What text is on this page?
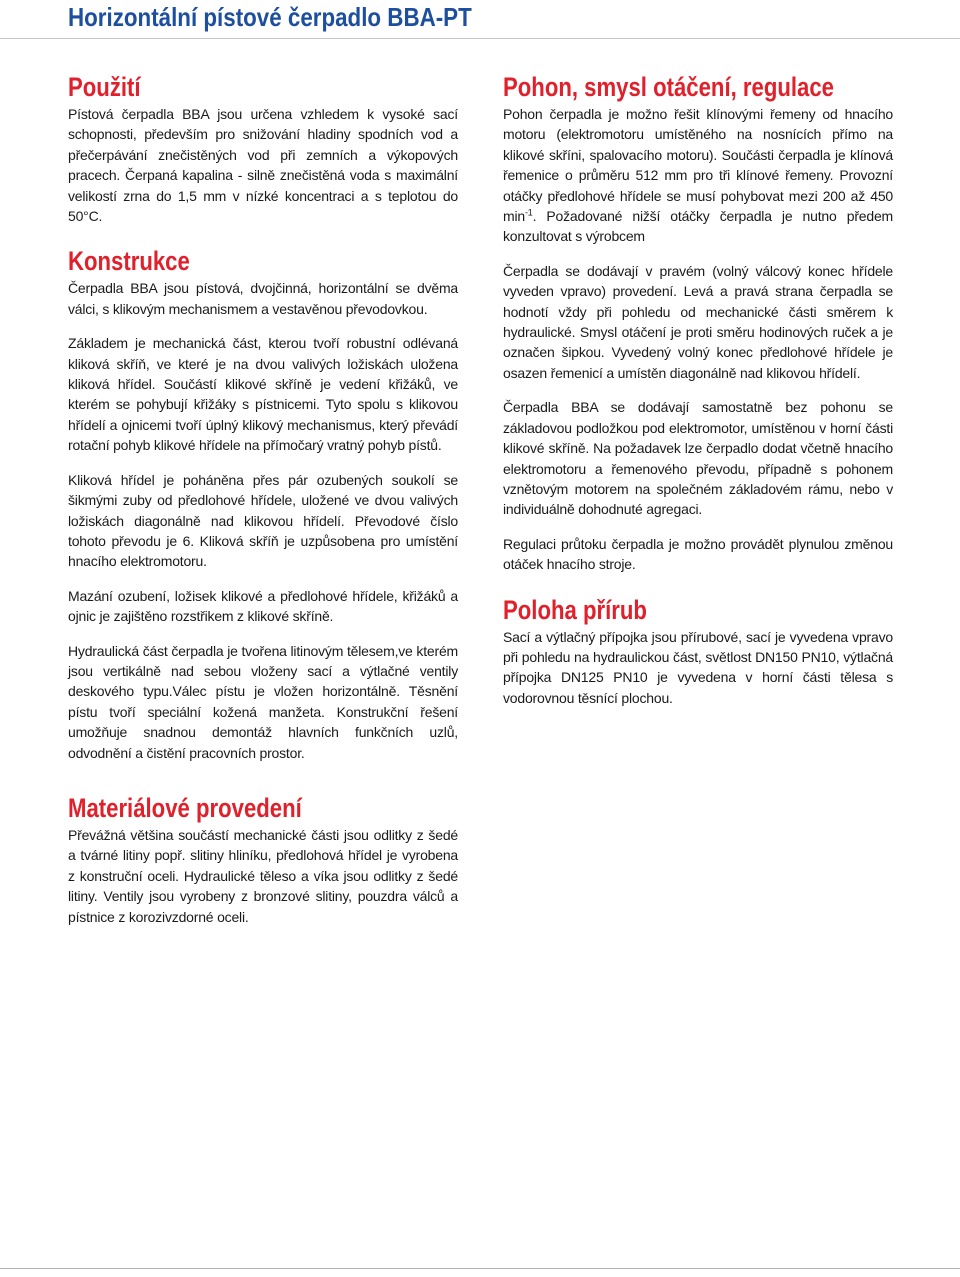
Horizontální pístové čerpadlo BBA-PT
Použití

Pístová čerpadla BBA jsou určena vzhledem k vysoké sací schopnosti, především pro snižování hladiny spodních vod a přečerpávání znečistěných vod při zemních a výkopových pracech. Čerpaná kapalina - silně znečistěná voda s maximální velikostí zrna do 1,5 mm v nízké koncentraci a s teplotou do 50°C.

Konstrukce

Čerpadla BBA jsou pístová, dvojčinná, horizontální se dvěma válci, s klikovým mechanismem a vestavěnou převodovkou.

Základem je mechanická část, kterou tvoří robustní odlévaná kliková skříň, ve které je na dvou valivých ložiskách uložena kliková hřídel. Součástí klikové skříně je vedení křižáků, ve kterém se pohybují křižáky s pístnicemi. Tyto spolu s klikovou hřídelí a ojnicemi tvoří úplný klikový mechanismus, který převádí rotační pohyb klikové hřídele na přímočarý vratný pohyb pístů.

Kliková hřídel je poháněna přes pár ozubených soukolí se šikmými zuby od předlohové hřídele, uložené ve dvou valivých ložiskách diagonálně nad klikovou hřídelí. Převodové číslo tohoto převodu je 6. Kliková skříň je uzpůsobena pro umístění hnacího elektromotoru.

Mazání ozubení, ložisek klikové a předlohové hřídele, křižáků a ojnic je zajištěno rozstřikem z klikové skříně.

Hydraulická část čerpadla je tvořena litinovým tělesem,ve kterém jsou vertikálně nad sebou vloženy sací a výtlačné ventily deskového typu.Válec pístu je vložen horizontálně. Těsnění pístu tvoří speciální kožená manžeta. Konstrukční řešení umožňuje snadnou demontáž hlavních funkčních uzlů, odvodnění a čistění pracovních prostor.

Materiálové provedení

Převážná většina součástí mechanické části jsou odlitky z šedé a tvárné litiny popř. slitiny hliníku, předlohová hřídel je vyrobena z konstruční oceli. Hydraulické těleso a víka jsou odlitky z šedé litiny. Ventily jsou vyrobeny z bronzové slitiny, pouzdra válců a pístnice z korozivzdorné oceli.

Pohon, smysl otáčení, regulace

Pohon čerpadla je možno řešit klínovými řemeny od hnacího motoru (elektromotoru umístěného na nosnících přímo na klikové skříni, spalovacího motoru). Součásti čerpadla je klínová řemenice o průměru 512 mm pro tři klínové řemeny. Provozní otáčky předlohové hřídele se musí pohybovat mezi 200 až 450 $\min^{-1}$. Požadované nižší otáčky čerpadla je nutno předem konzultovat s výrobcem

Čerpadla se dodávají v pravém (volný válcový konec hřídele vyveden vpravo) provedení. Levá a pravá strana čerpadla se hodnotí vždy při pohledu od mechanické části směrem k hydraulické. Smysl otáčení je proti směru hodinových ruček a je označen šipkou. Vyvedený volný konec předlohové hřídele je osazen řemenicí a umístěn diagonálně nad klikovou hřídelí.

Čerpadla BBA se dodávají samostatně bez pohonu se základovou podložkou pod elektromotor, umístěnou v horní části klikové skříně. Na požadavek lze čerpadlo dodat včetně hnacího elektromotoru a řemenového převodu, případně s pohonem vznětovým motorem na společném základovém rámu, nebo v individuálně dohodnuté agregaci.

Regulaci průtoku čerpadla je možno provádět plynulou změnou otáček hnacího stroje.

Poloha přírub

Sací a výtlačný přípojka jsou přírubové, sací je vyvedena vpravo při pohledu na hydraulickou část, světlost DN150 PN10, výtlačná přípojka DN125 PN10 je vyvedena v horní části tělesa s vodorovnou těsnící plochou.
